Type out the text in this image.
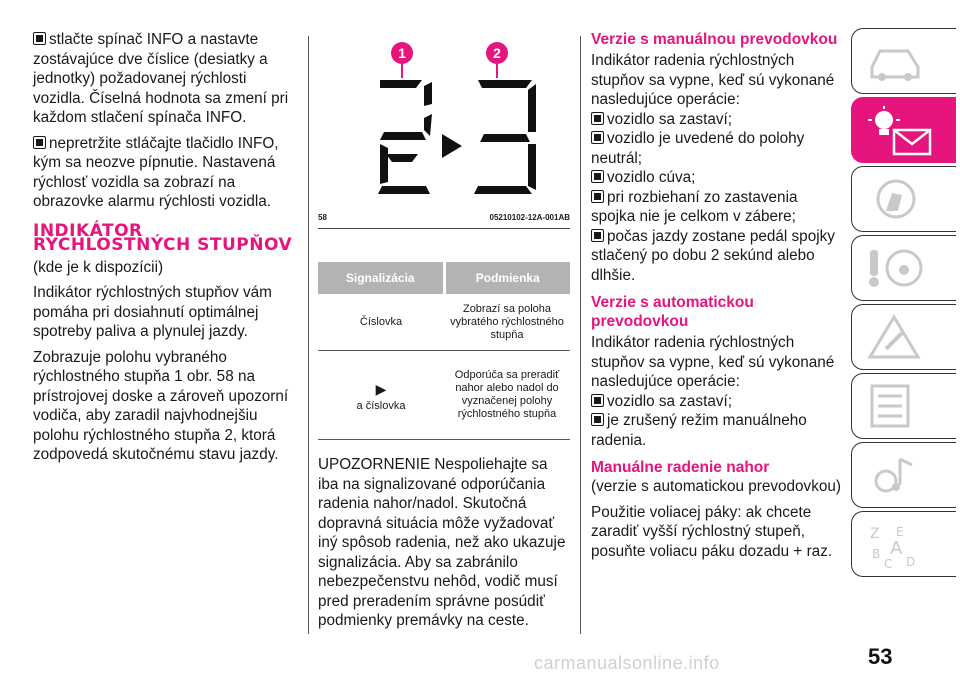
stlačte spínač INFO a nastavte zostávajúce dve číslice (desiatky a jednotky) požadovanej rýchlosti vozidla. Číselná hodnota sa zmení pri každom stlačení spínača INFO.

nepretržite stláčajte tlačidlo INFO, kým sa neozve pípnutie. Nastavená rýchlosť vozidla sa zobrazí na obrazovke alarmu rýchlosti vozidla.

INDIKÁTOR RÝCHLOSTNÝCH STUPŇOV

(kde je k dispozícii)

Indikátor rýchlostných stupňov vám pomáha pri dosiahnutí optimálnej spotreby paliva a plynulej jazdy.

Zobrazuje polohu vybraného rýchlostného stupňa 1 obr. 58 na prístrojovej doske a zároveň upozorní vodiča, aby zaradil najvhodnejšiu polohu rýchlostného stupňa 2, ktorá zodpovedá skutočnému stavu jazdy.

1	2
58	05210102-12A-001AB
Signalizácia	Podmienka
Číslovka	Zobrazí sa poloha vybratého rýchlostného stupňa

▶
a číslovka	Odporúča sa preradiť nahor alebo nadol do vyznačenej polohy rýchlostného stupňa
UPOZORNENIE Nespoliehajte sa iba na signalizované odporúčania radenia nahor/nadol. Skutočná dopravná situácia môže vyžadovať iný spôsob radenia, než ako ukazuje signalizácia. Aby sa zabránilo nebezpečenstvu nehôd, vodič musí pred preradením správne posúdiť podmienky premávky na ceste.
Verzie s manuálnou prevodovkou

Indikátor radenia rýchlostných stupňov sa vypne, keď sú vykonané nasledujúce operácie:

vozidlo sa zastaví;
vozidlo je uvedené do polohy neutrál;
vozidlo cúva;
pri rozbiehaní zo zastavenia spojka nie je celkom v zábere;
počas jazdy zostane pedál spojky stlačený po dobu 2 sekúnd alebo dlhšie.
Verzie s automatickou prevodovkou

Indikátor radenia rýchlostných stupňov sa vypne, keď sú vykonané nasledujúce operácie:

vozidlo sa zastaví;
je zrušený režim manuálneho radenia.
Manuálne radenie nahor

(verzie s automatickou prevodovkou)

Použitie voliacej páky: ak chcete zaradiť vyšší rýchlostný stupeň, posuňte voliacu páku dozadu + raz.

Z E
B A
D
C
53
carmanualsonline.info
